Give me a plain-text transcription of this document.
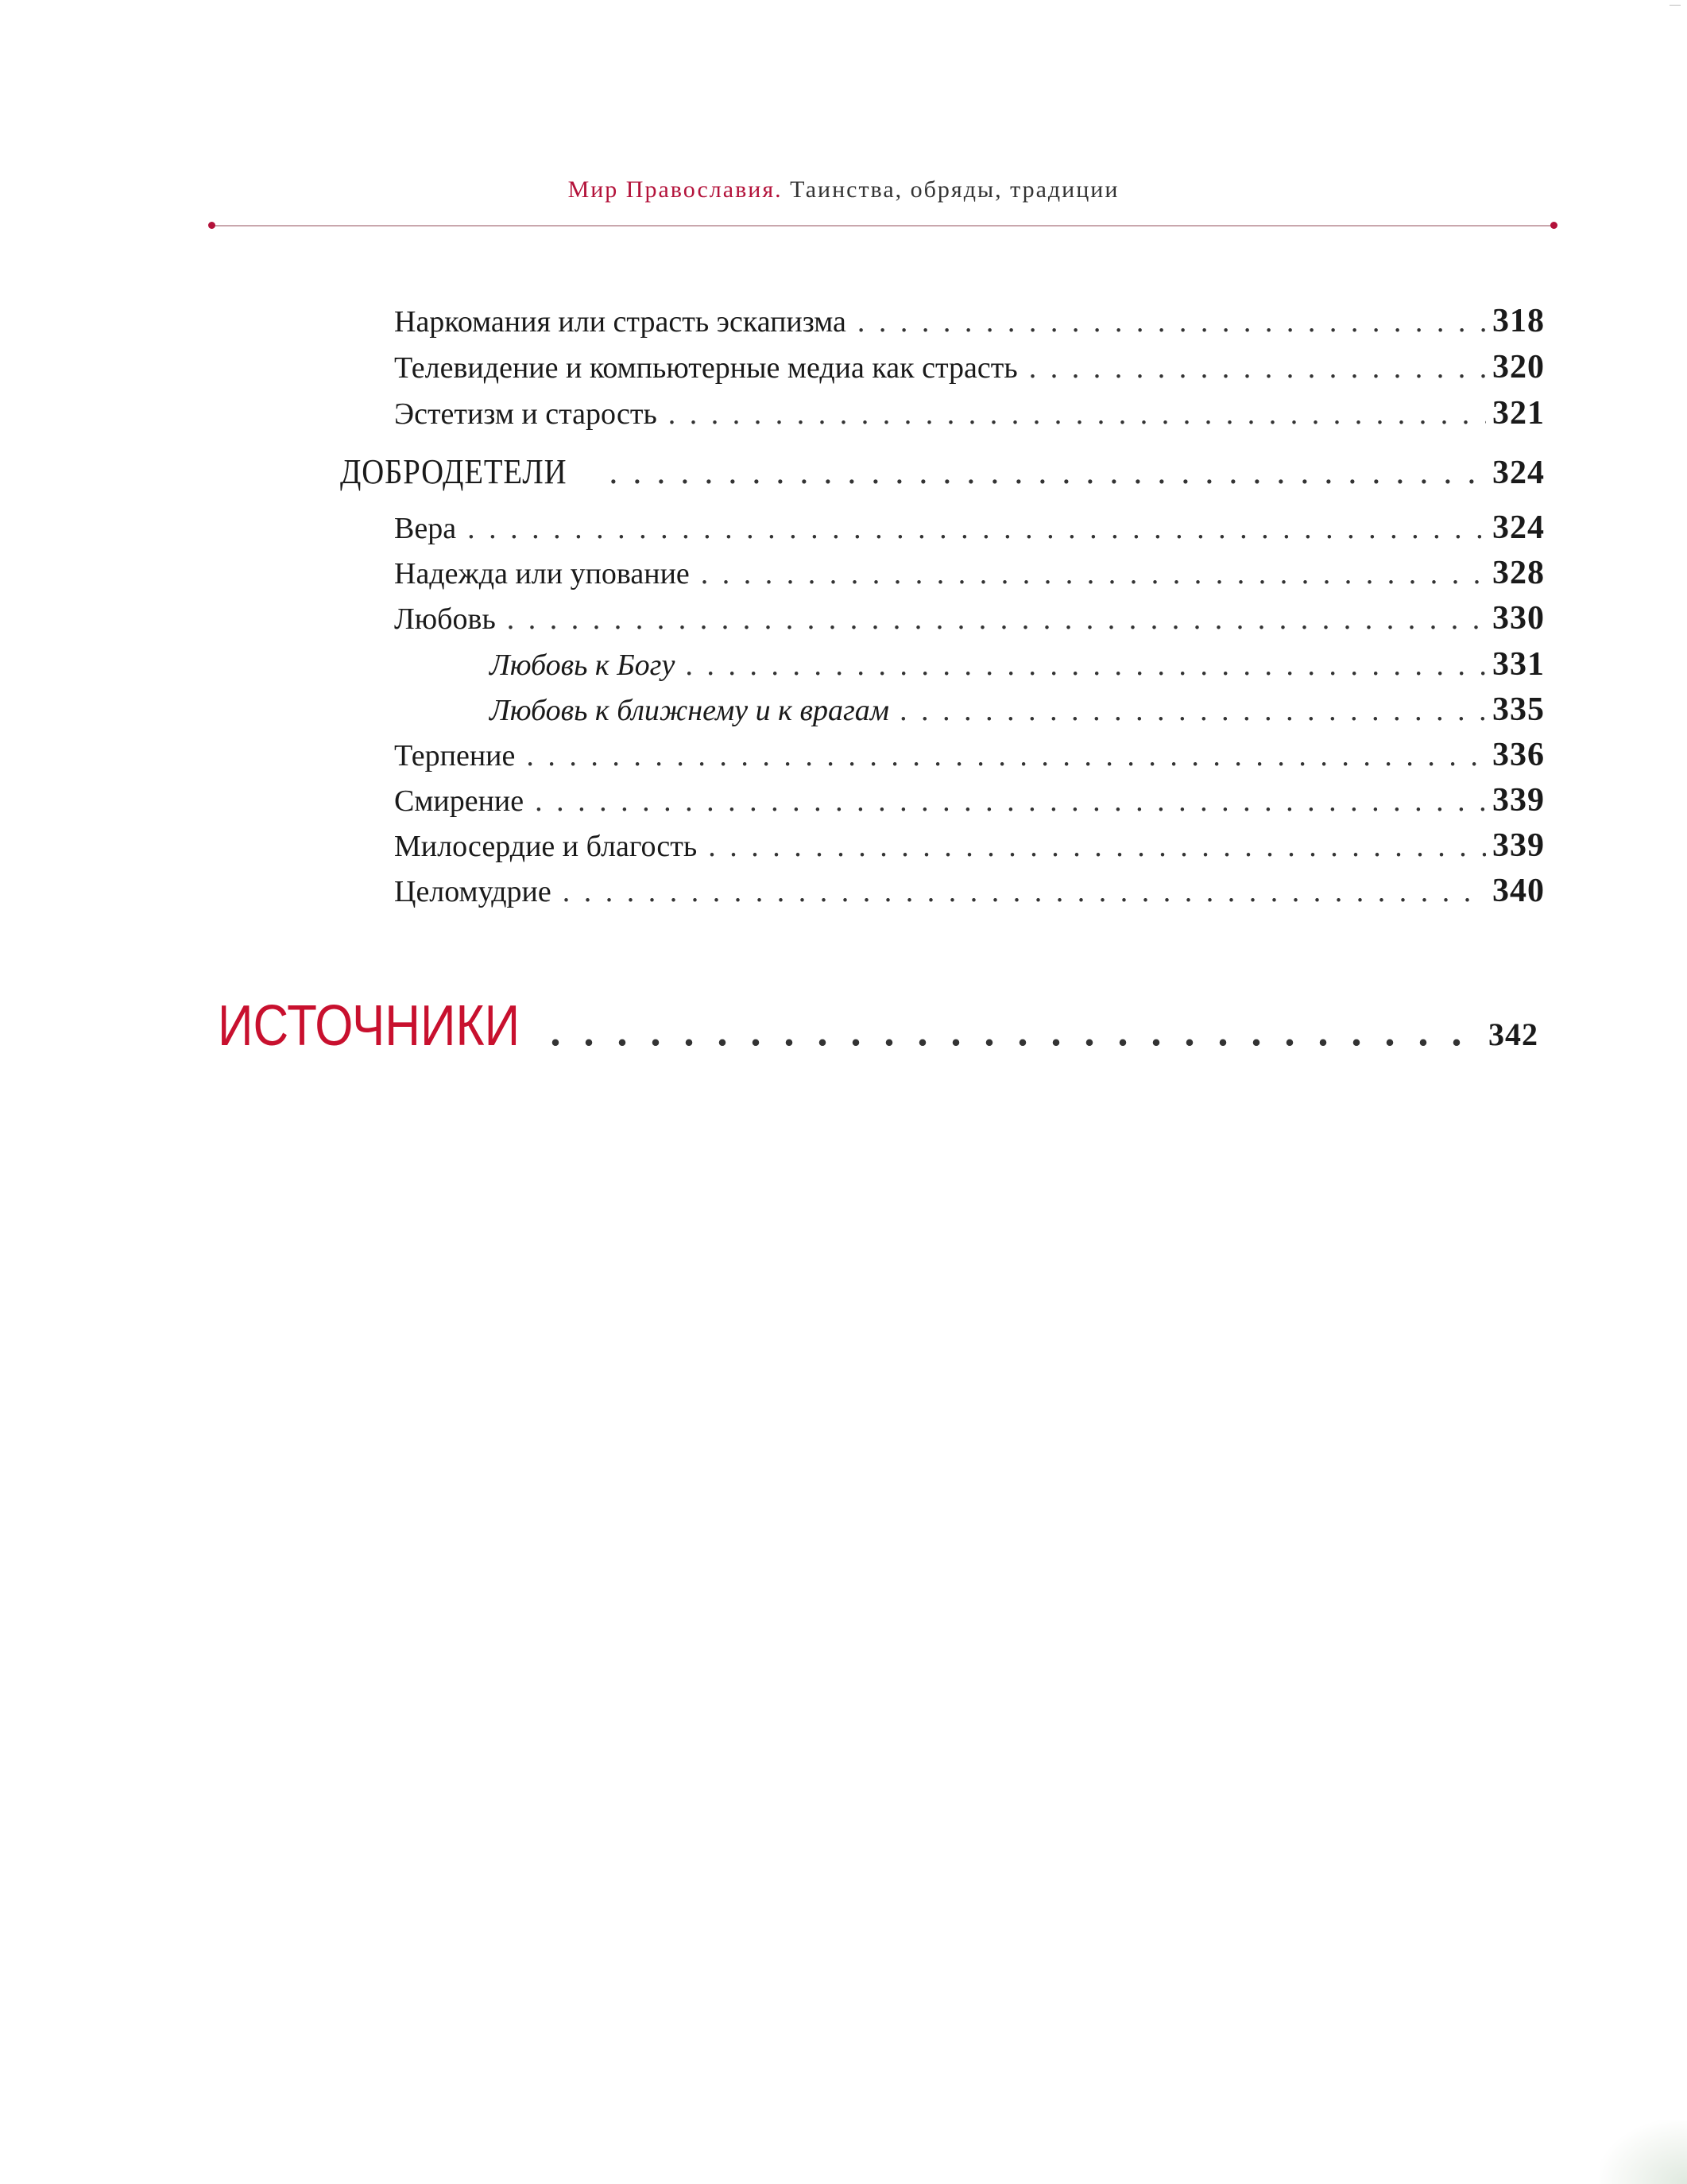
Мир Православия. Таинства, обряды, традиции
Наркомания или страсть эскапизма . . .	318
Телевидение и компьютерные медиа как страсть . . .	320
Эстетизм и старость . . .	321
ДОБРОДЕТЕЛИ . . .	324
Вера . . .	324
Надежда или упование . . .	328
Любовь . . .	330
Любовь к Богу . . .	331
Любовь к ближнему и к врагам . . .	335
Терпение . . .	336
Смирение . . .	339
Милосердие и благость . . .	339
Целомудрие . . .	340
ИСТОЧНИКИ . . .	342
